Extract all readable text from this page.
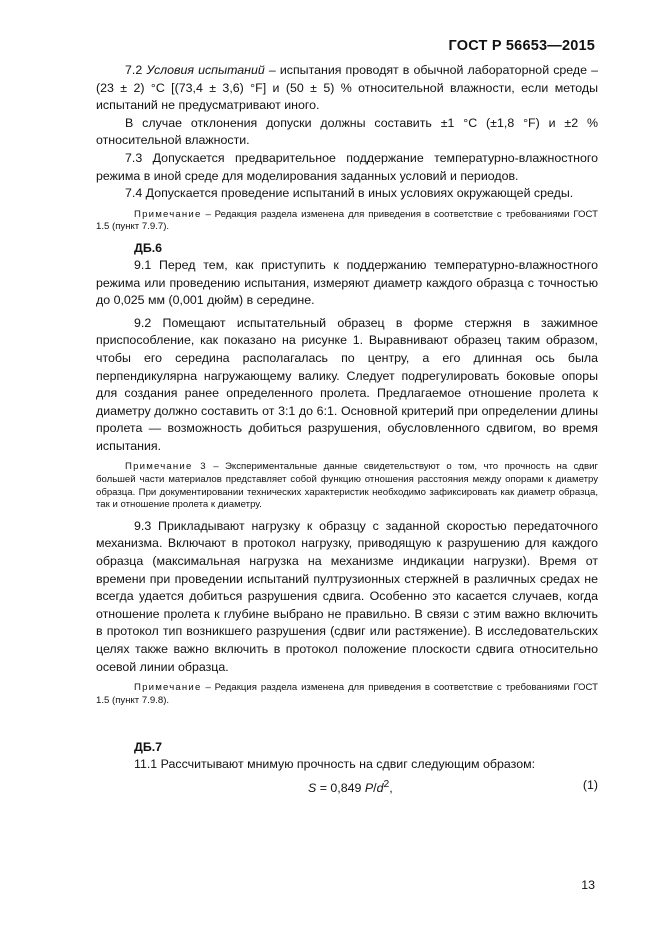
ГОСТ Р 56653—2015

7.2 Условия испытаний – испытания проводят в обычной лабораторной среде – (23 ± 2) °С [(73,4 ± 3,6) °F] и (50 ± 5) % относительной влажности, если методы испытаний не предусматривают иного.

В случае отклонения допуски должны составить ±1 °С (±1,8 °F) и ±2 % относительной влажности.

7.3 Допускается предварительное поддержание температурно-влажностного режима в иной среде для моделирования заданных условий и периодов.

7.4 Допускается проведение испытаний в иных условиях окружающей среды.

Примечание – Редакция раздела изменена для приведения в соответствие с требованиями ГОСТ 1.5 (пункт 7.9.7).

ДБ.6

9.1 Перед тем, как приступить к поддержанию температурно-влажностного режима или проведению испытания, измеряют диаметр каждого образца с точностью до 0,025 мм (0,001 дюйм) в середине.

9.2 Помещают испытательный образец в форме стержня в зажимное приспособление, как показано на рисунке 1. Выравнивают образец таким образом, чтобы его середина располагалась по центру, а его длинная ось была перпендикулярна нагружающему валику. Следует подрегулировать боковые опоры для создания ранее определенного пролета. Предлагаемое отношение пролета к диаметру должно составить от 3:1 до 6:1. Основной критерий при определении длины пролета — возможность добиться разрушения, обусловленного сдвигом, во время испытания.

Примечание 3 – Экспериментальные данные свидетельствуют о том, что прочность на сдвиг большей части материалов представляет собой функцию отношения расстояния между опорами к диаметру образца. При документировании технических характеристик необходимо зафиксировать как диаметр образца, так и отношение пролета к диаметру.

9.3 Прикладывают нагрузку к образцу с заданной скоростью передаточного механизма. Включают в протокол нагрузку, приводящую к разрушению для каждого образца (максимальная нагрузка на механизме индикации нагрузки). Время от времени при проведении испытаний пултрузионных стержней в различных средах не всегда удается добиться разрушения сдвига. Особенно это касается случаев, когда отношение пролета к глубине выбрано не правильно. В связи с этим важно включить в протокол тип возникшего разрушения (сдвиг или растяжение). В исследовательских целях также важно включить в протокол положение плоскости сдвига относительно осевой линии образца.

Примечание – Редакция раздела изменена для приведения в соответствие с требованиями ГОСТ 1.5 (пункт 7.9.8).

ДБ.7

11.1 Рассчитывают мнимую прочность на сдвиг следующим образом:

S = 0,849 $P/d^2$,	(1)
13
